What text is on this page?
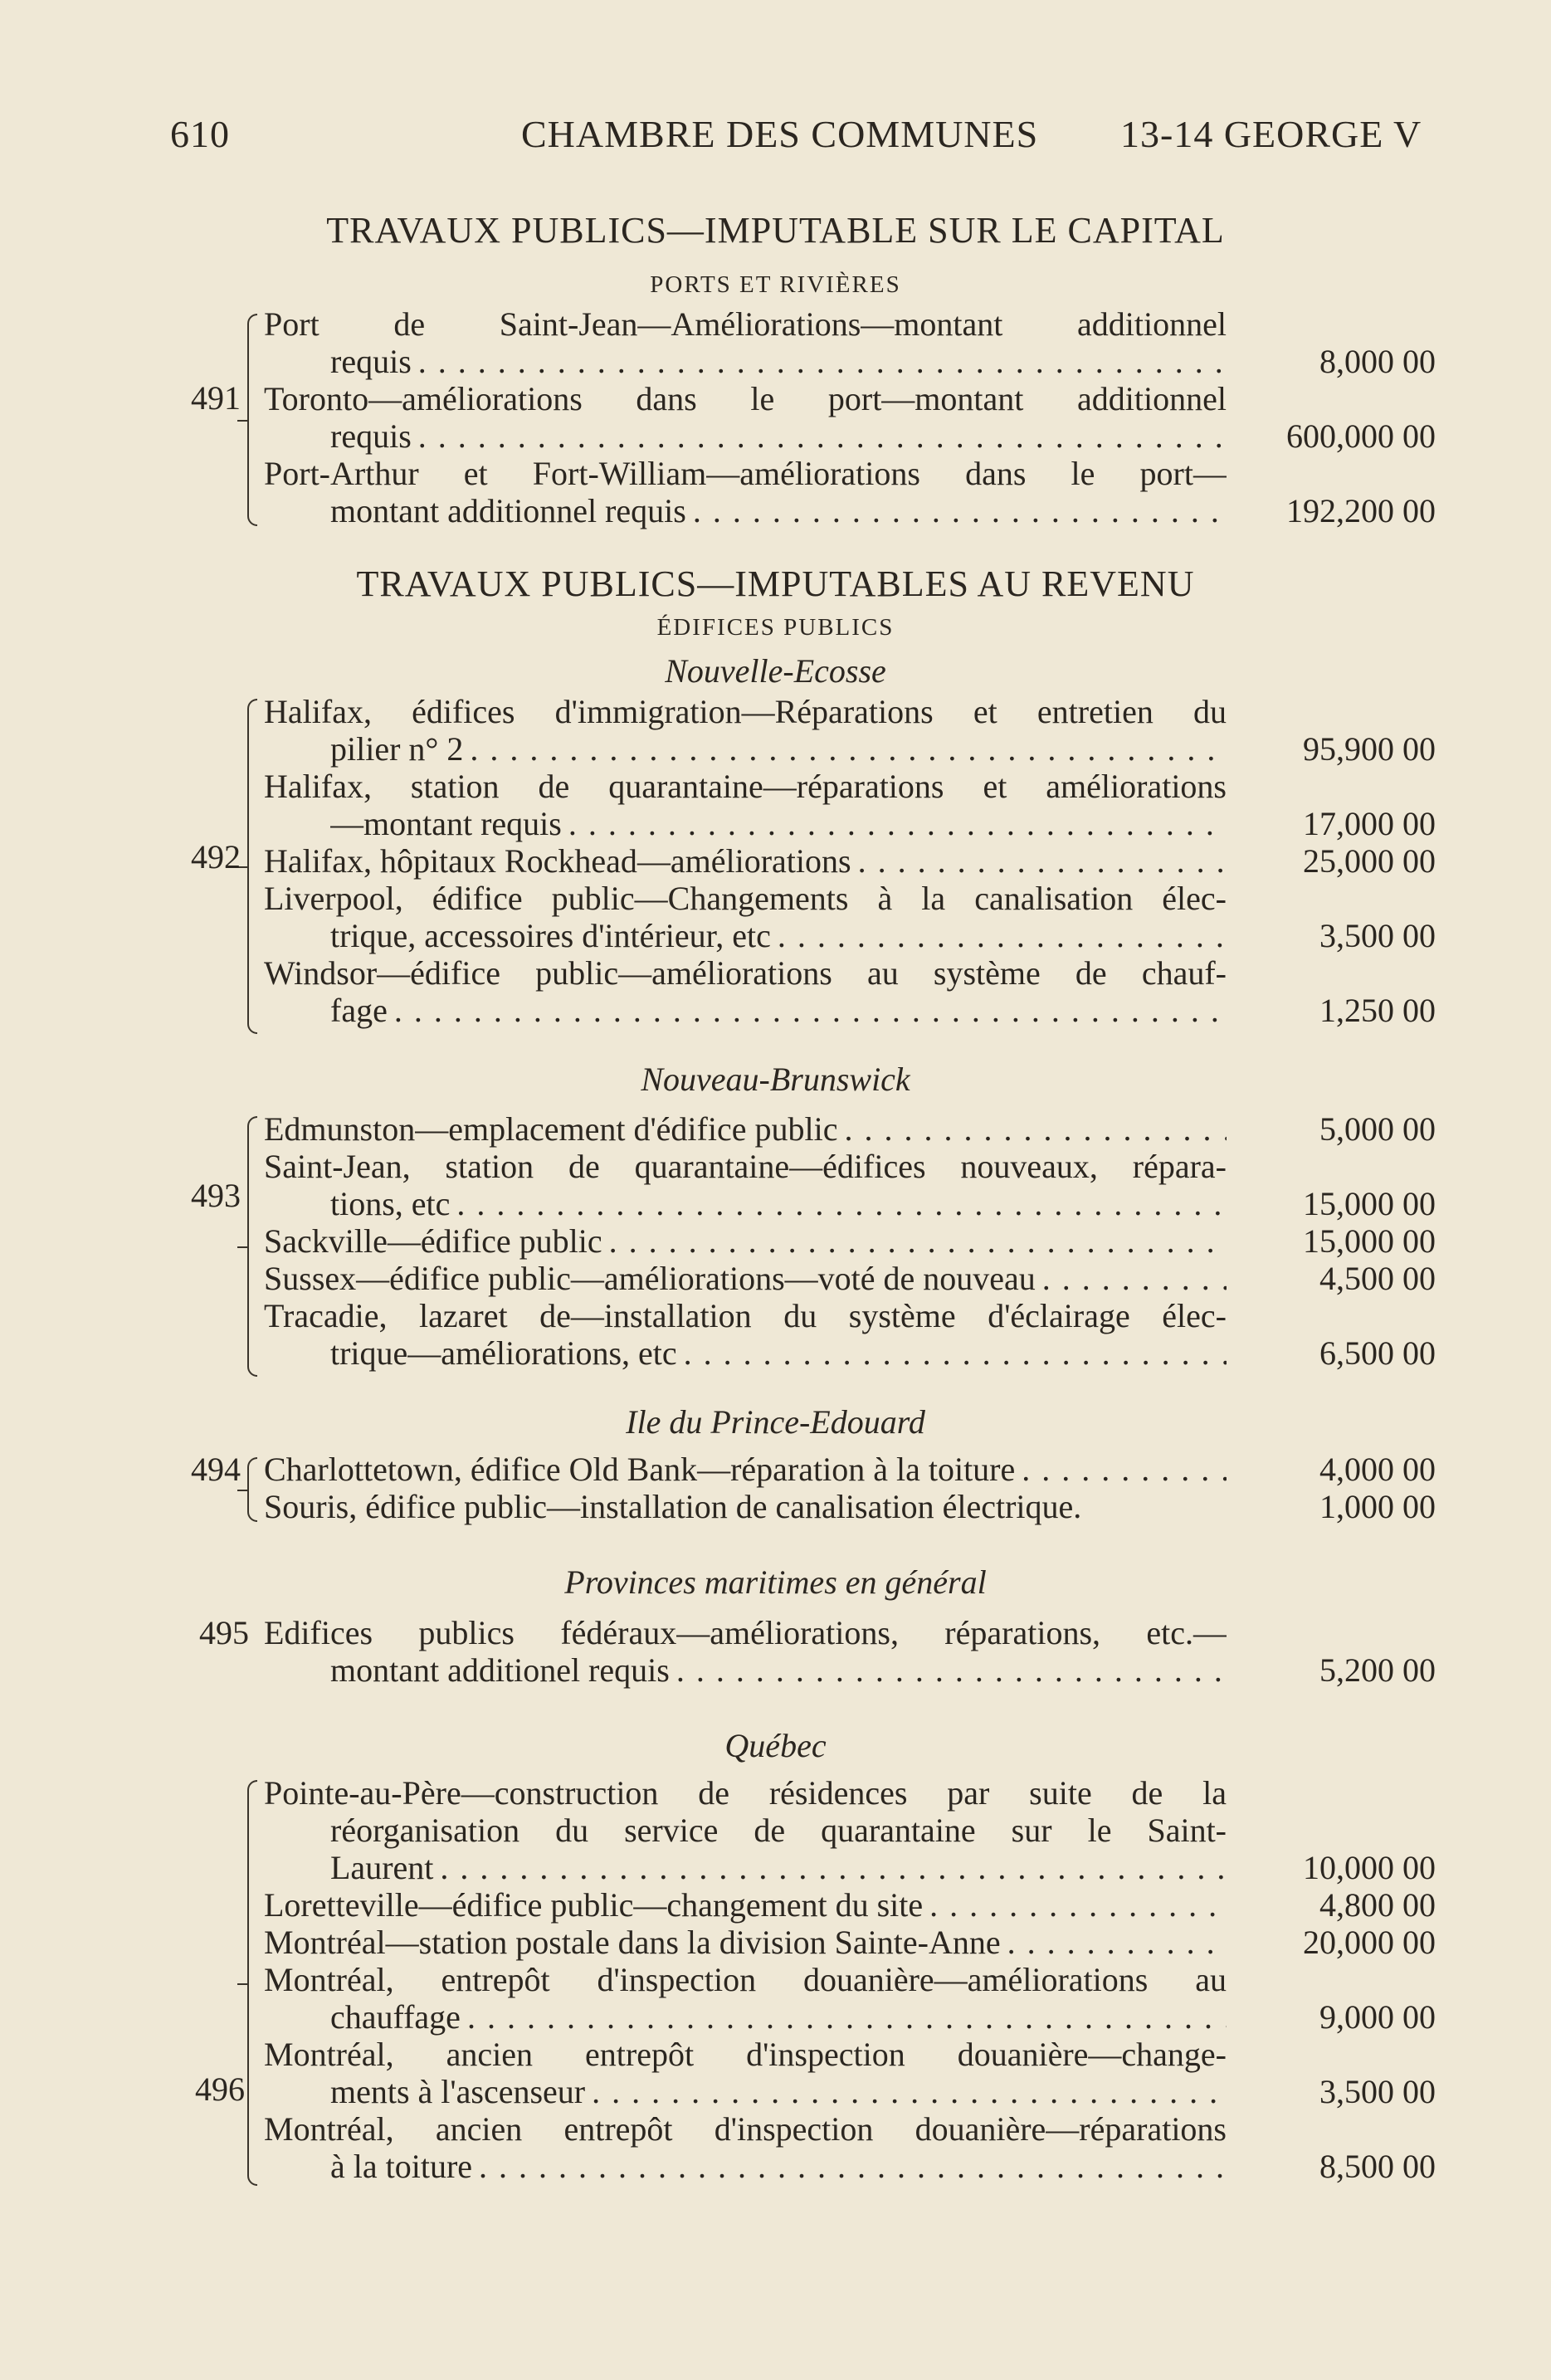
610	CHAMBRE DES COMMUNES 13-14 GEORGE V
TRAVAUX PUBLICS—IMPUTABLE SUR LE CAPITAL
PORTS ET RIVIÈRES
491
Port de Saint-Jean—Améliorations—montant additionnel
requis . . .	8,000 00
Toronto—améliorations dans le port—montant additionnel
requis . . .	600,000 00
Port-Arthur et Fort-William—améliorations dans le port—
montant additionnel requis . . .	192,200 00
TRAVAUX PUBLICS—IMPUTABLES AU REVENU
ÉDIFICES PUBLICS
Nouvelle-Ecosse
492
Halifax, édifices d'immigration—Réparations et entretien du
pilier n° 2 . . .	95,900 00
Halifax, station de quarantaine—réparations et améliorations
—montant requis . . .	17,000 00
Halifax, hôpitaux Rockhead—améliorations . . .	25,000 00
Liverpool, édifice public—Changements à la canalisation élec-
trique, accessoires d'intérieur, etc . . .	3,500 00
Windsor—édifice public—améliorations au système de chauf-
fage . . .	1,250 00
Nouveau-Brunswick
493
Edmunston—emplacement d'édifice public . . .	5,000 00
Saint-Jean, station de quarantaine—édifices nouveaux, répara-
tions, etc . . .	15,000 00
Sackville—édifice public . . .	15,000 00
Sussex—édifice public—améliorations—voté de nouveau . . .	4,500 00
Tracadie, lazaret de—installation du système d'éclairage élec-
trique—améliorations, etc . . .	6,500 00
Ile du Prince-Edouard
494 Charlottetown, édifice Old Bank—réparation à la toiture . . .	4,000 00
Souris, édifice public—installation de canalisation électrique.	1,000 00
Provinces maritimes en général
495 Edifices publics fédéraux—améliorations, réparations, etc.—
montant additionel requis . . .	5,200 00
Québec
496
Pointe-au-Père—construction de résidences par suite de la
réorganisation du service de quarantaine sur le Saint-
Laurent . . .	10,000 00
Loretteville—édifice public—changement du site . . .	4,800 00
Montréal—station postale dans la division Sainte-Anne . . .	20,000 00
Montréal, entrepôt d'inspection douanière—améliorations au
chauffage . . .	9,000 00
Montréal, ancien entrepôt d'inspection douanière—change-
ments à l'ascenseur . . .	3,500 00
Montréal, ancien entrepôt d'inspection douanière—réparations
à la toiture . . .	8,500 00
